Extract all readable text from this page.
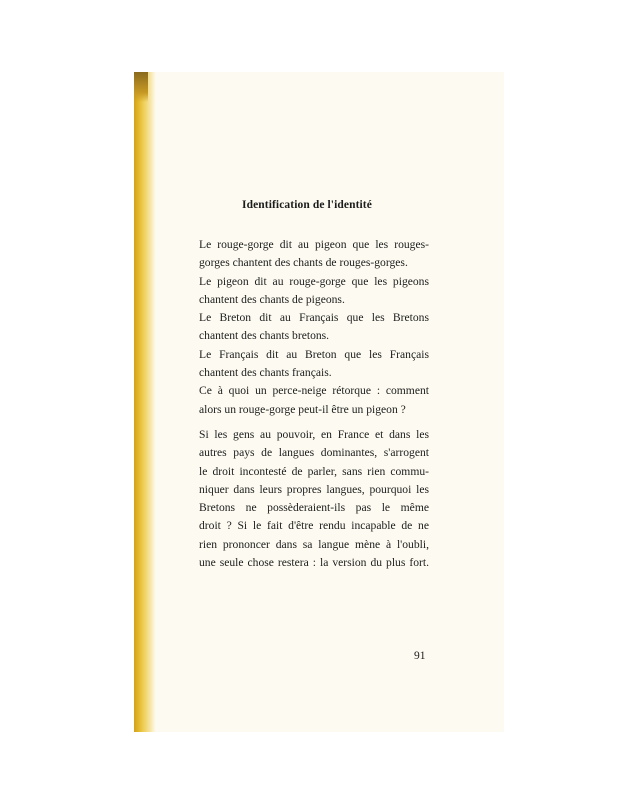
Identification de l'identité
Le rouge-gorge dit au pigeon que les rouges-
gorges chantent des chants de rouges-gorges.
Le pigeon dit au rouge-gorge que les pigeons
chantent des chants de pigeons.
Le Breton dit au Français que les Bretons
chantent des chants bretons.
Le Français dit au Breton que les Français
chantent des chants français.
Ce à quoi un perce-neige rétorque : comment
alors un rouge-gorge peut-il être un pigeon ?
Si les gens au pouvoir, en France et dans les
autres pays de langues dominantes, s'arrogent
le droit incontesté de parler, sans rien commu-
niquer dans leurs propres langues, pourquoi les
Bretons ne possèderaient-ils pas le même
droit ? Si le fait d'être rendu incapable de ne
rien prononcer dans sa langue mène à l'oubli,
une seule chose restera : la version du plus fort.
91
